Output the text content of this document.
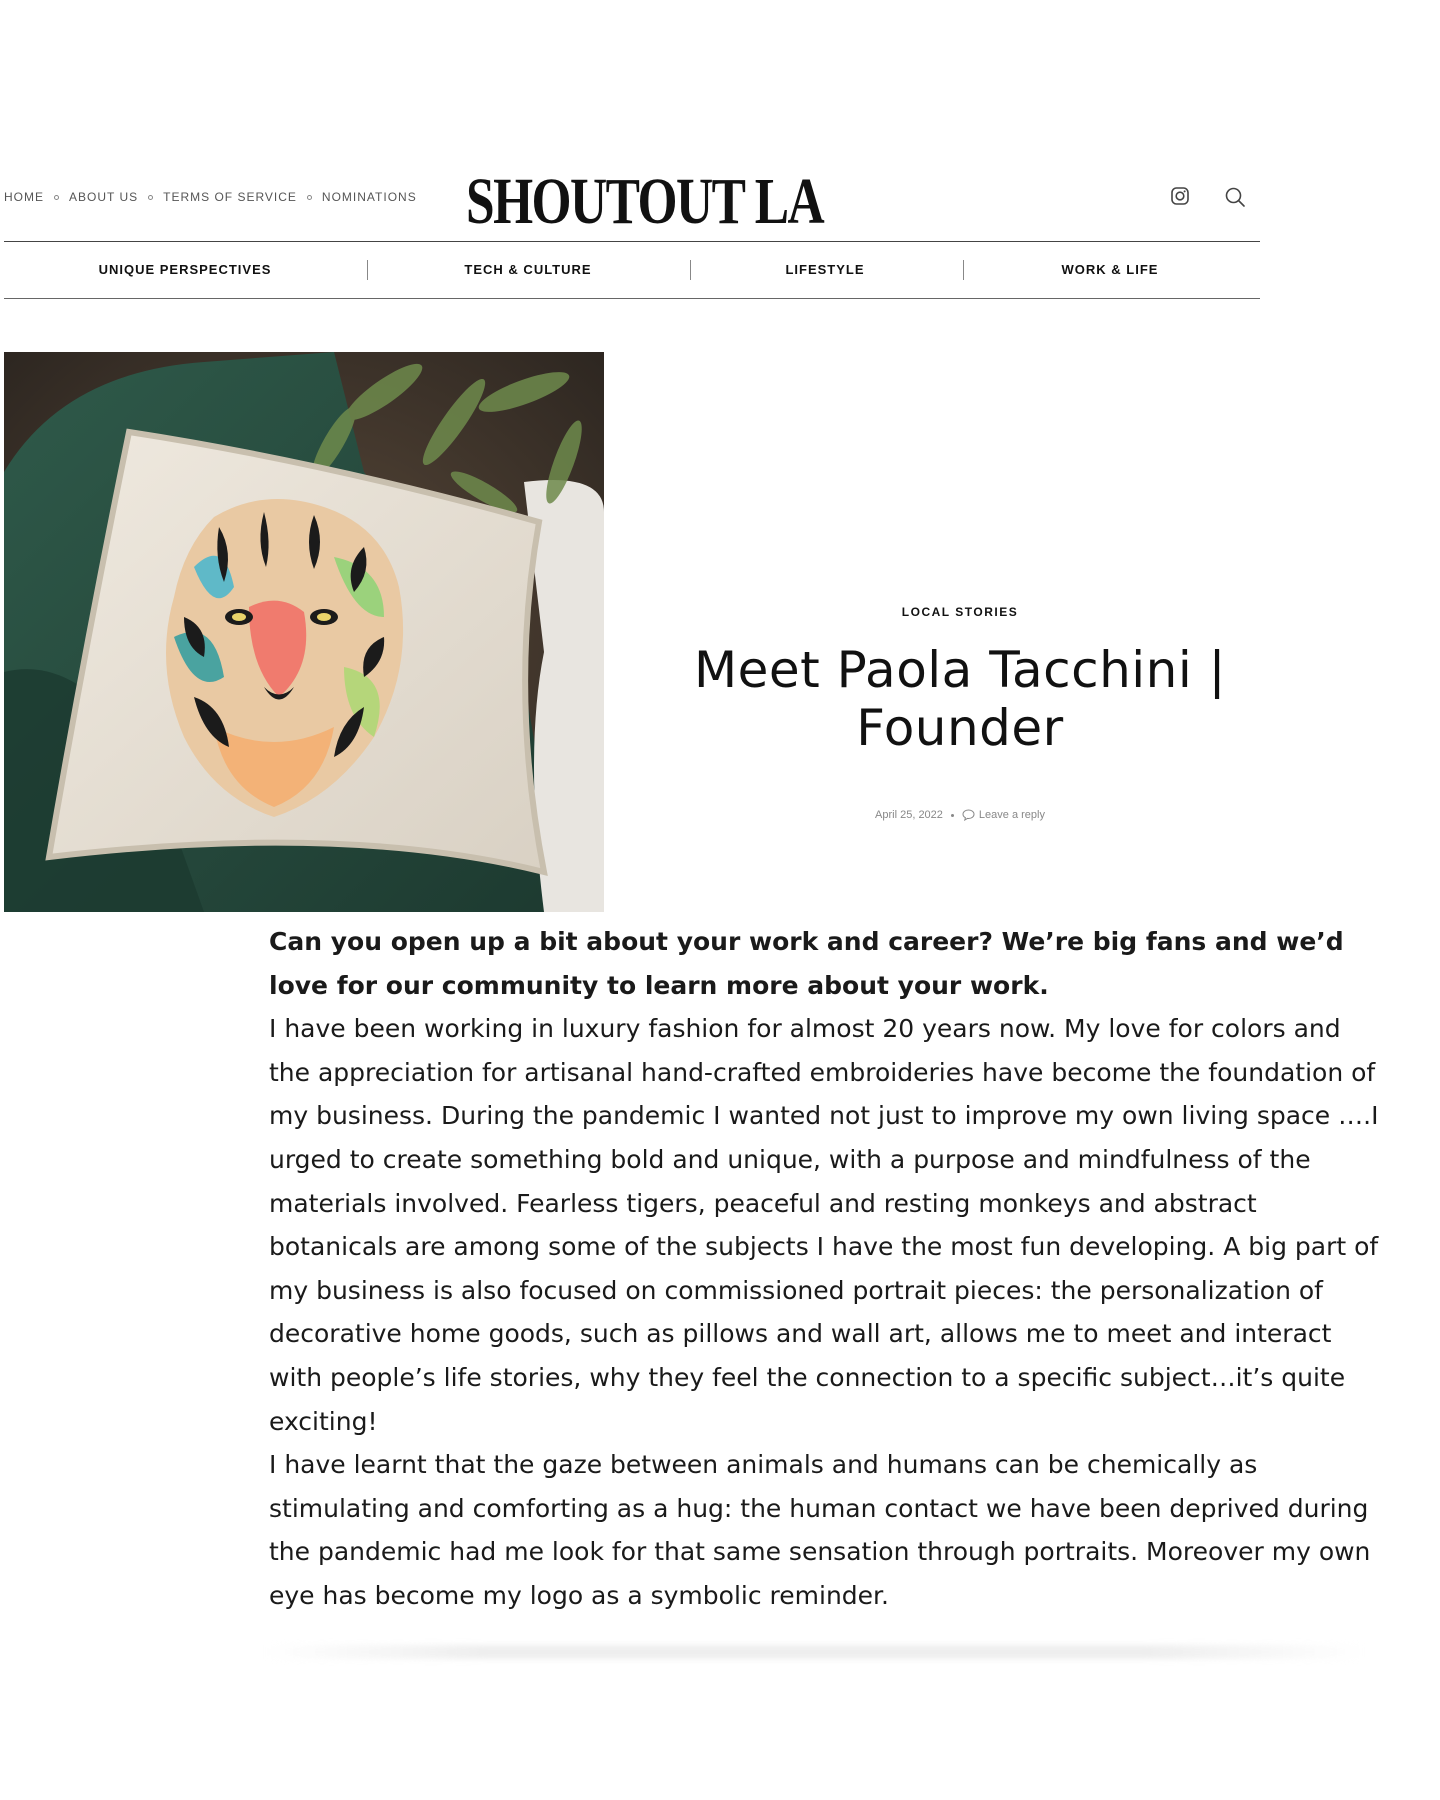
HOME ABOUT US TERMS OF SERVICE NOMINATIONS SHOUTOUT LA
UNIQUE PERSPECTIVES	TECH & CULTURE	LIFESTYLE	WORK & LIFE
LOCAL STORIES
Meet Paola Tacchini | Founder
April 25, 2022	Leave a reply

Can you open up a bit about your work and career? We’re big fans and we’d love for our community to learn more about your work.

I have been working in luxury fashion for almost 20 years now. My love for colors and the appreciation for artisanal hand-crafted embroideries have become the foundation of my business. During the pandemic I wanted not just to improve my own living space ….I urged to create something bold and unique, with a purpose and mindfulness of the materials involved. Fearless tigers, peaceful and resting monkeys and abstract botanicals are among some of the subjects I have the most fun developing. A big part of my business is also focused on commissioned portrait pieces: the personalization of decorative home goods, such as pillows and wall art, allows me to meet and interact with people’s life stories, why they feel the connection to a specific subject…it’s quite exciting!

I have learnt that the gaze between animals and humans can be chemically as stimulating and comforting as a hug: the human contact we have been deprived during the pandemic had me look for that same sensation through portraits. Moreover my own eye has become my logo as a symbolic reminder.
